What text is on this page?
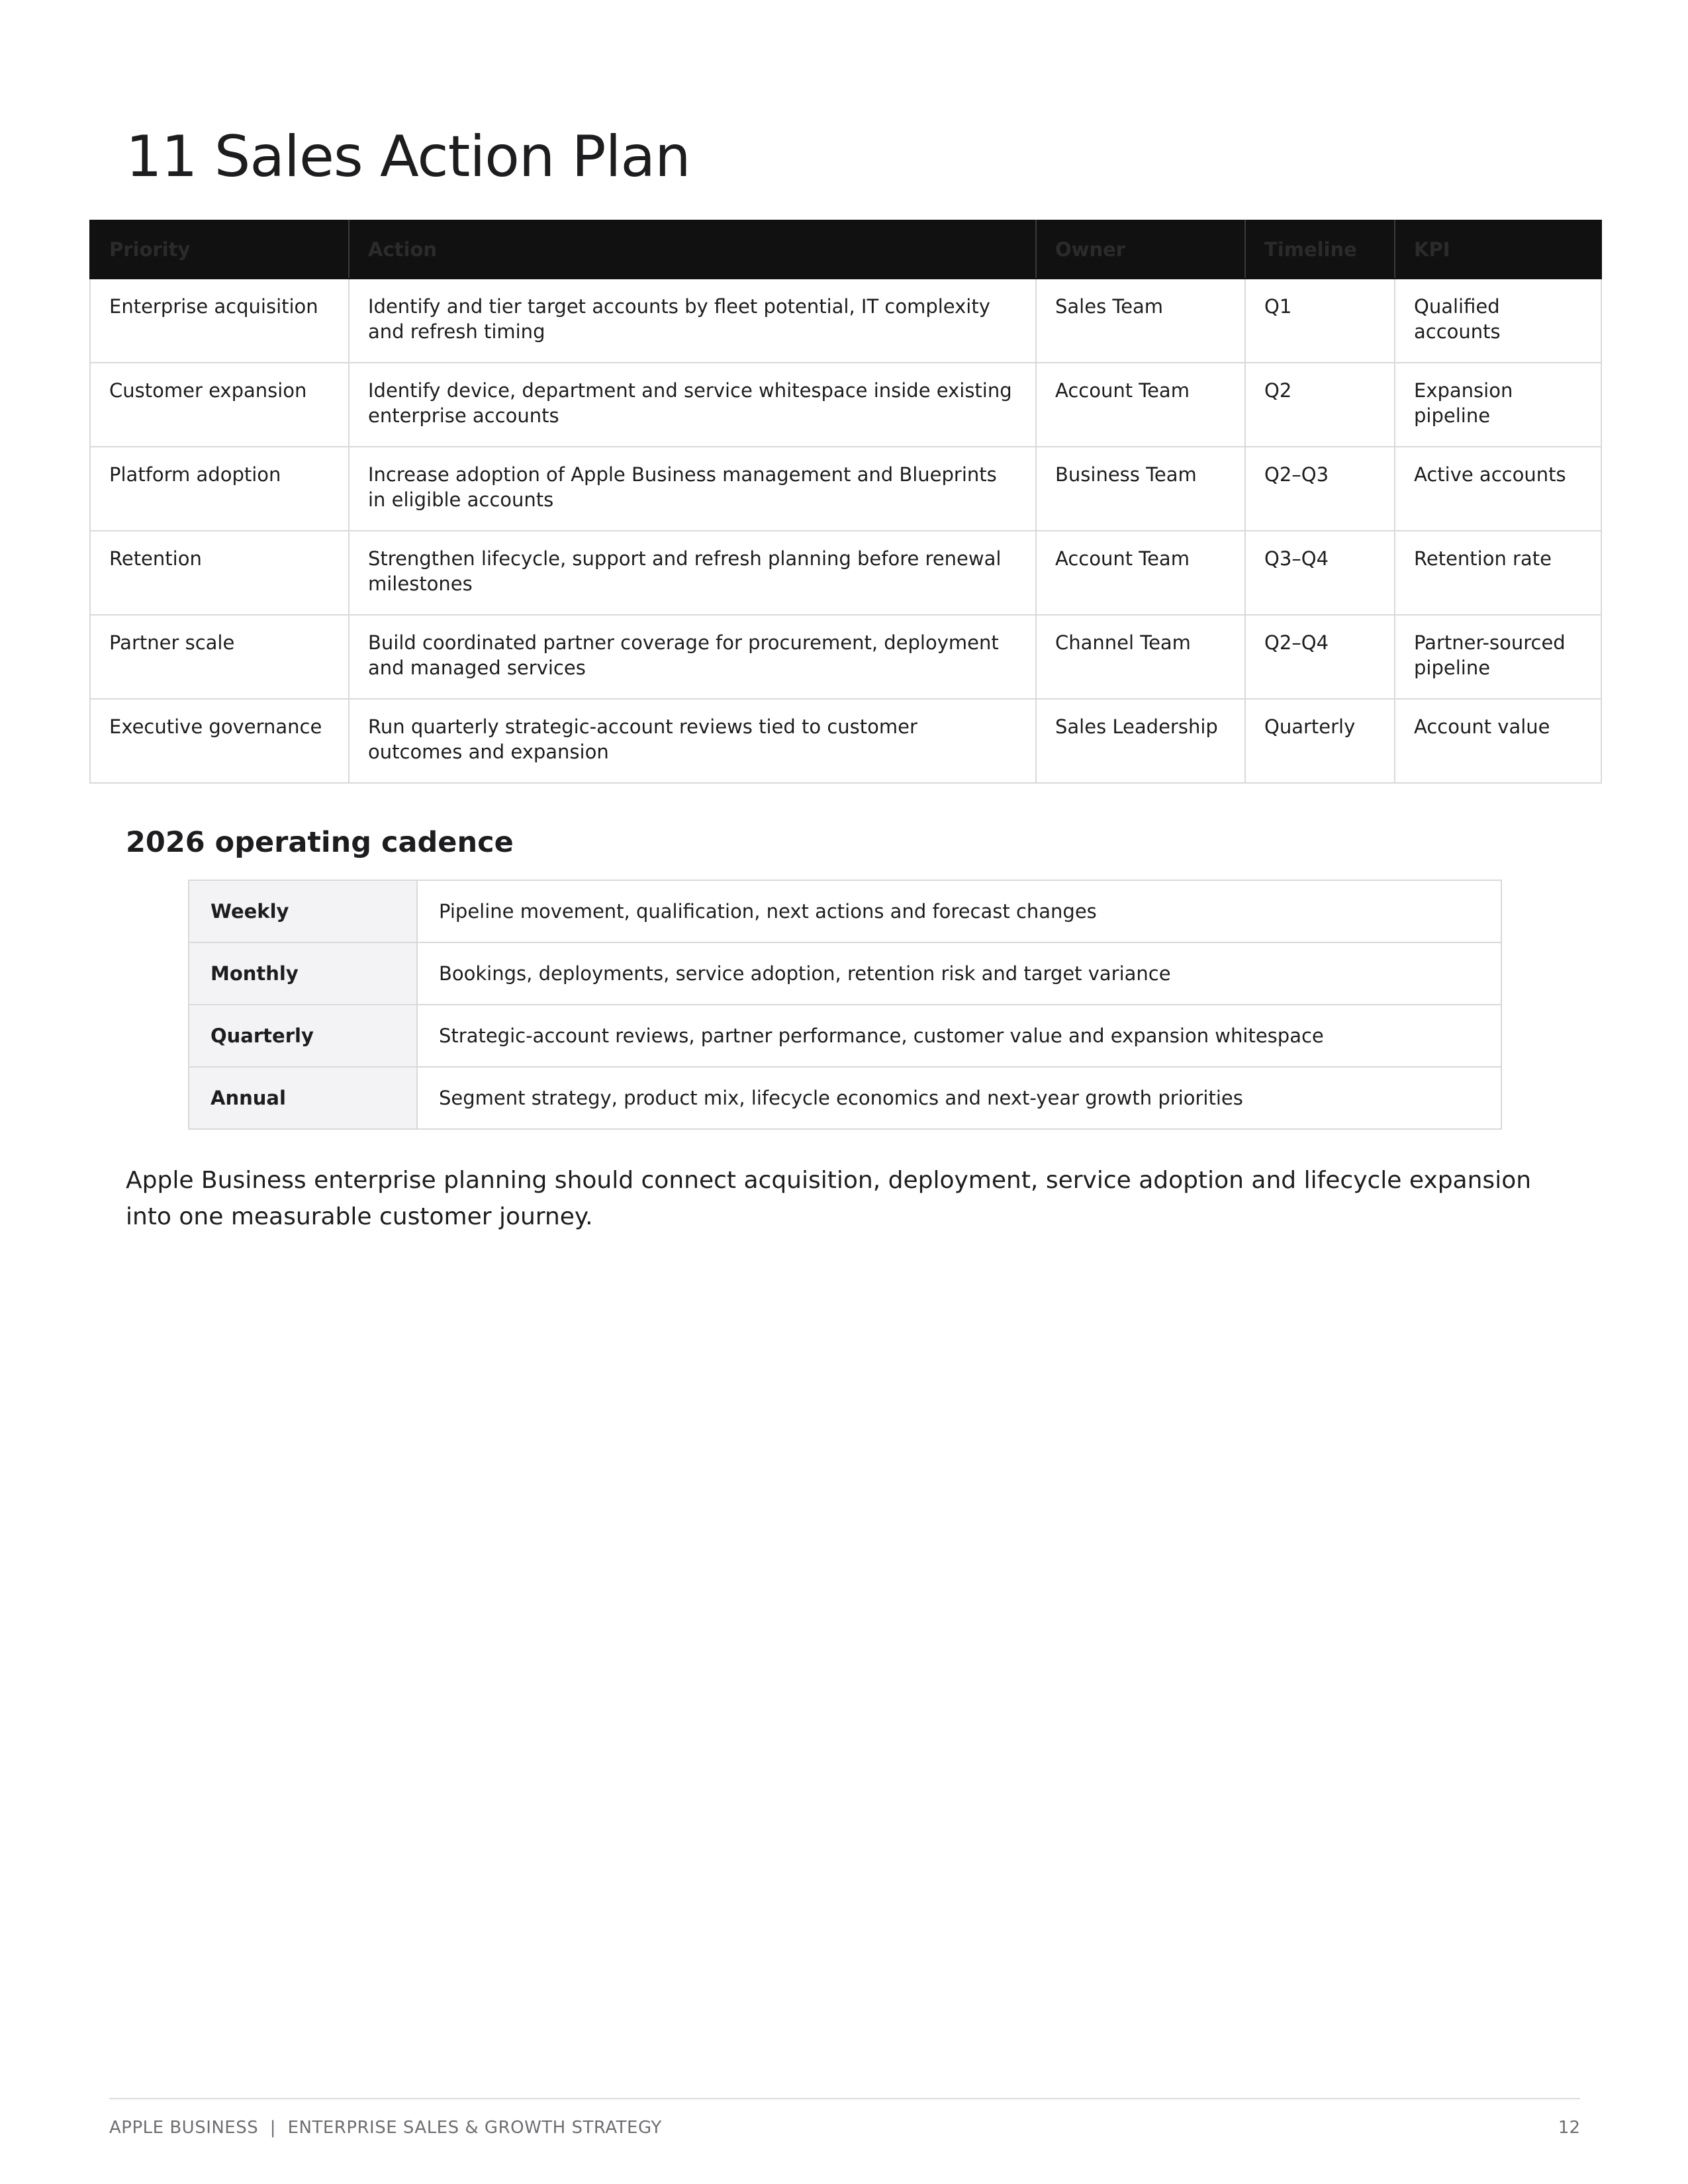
11 Sales Action Plan
Priority	Action	Owner	Timeline	KPI
Enterprise acquisition	Identify and tier target accounts by fleet potential, IT complexity and refresh timing	Sales Team	Q1	Qualified accounts
Customer expansion	Identify device, department and service whitespace inside existing enterprise accounts	Account Team	Q2	Expansion pipeline
Platform adoption	Increase adoption of Apple Business management and Blueprints in eligible accounts	Business Team	Q2–Q3	Active accounts
Retention	Strengthen lifecycle, support and refresh planning before renewal milestones	Account Team	Q3–Q4	Retention rate
Partner scale	Build coordinated partner coverage for procurement, deployment and managed services	Channel Team	Q2–Q4	Partner-sourced pipeline
Executive governance	Run quarterly strategic-account reviews tied to customer outcomes and expansion	Sales Leadership	Quarterly	Account value
2026 operating cadence
Weekly	Pipeline movement, qualification, next actions and forecast changes
Monthly	Bookings, deployments, service adoption, retention risk and target variance
Quarterly	Strategic-account reviews, partner performance, customer value and expansion whitespace
Annual	Segment strategy, product mix, lifecycle economics and next-year growth priorities

Apple Business enterprise planning should connect acquisition, deployment, service adoption and lifecycle expansion into one measurable customer journey.

APPLE BUSINESS  |  ENTERPRISE SALES & GROWTH STRATEGY	12
